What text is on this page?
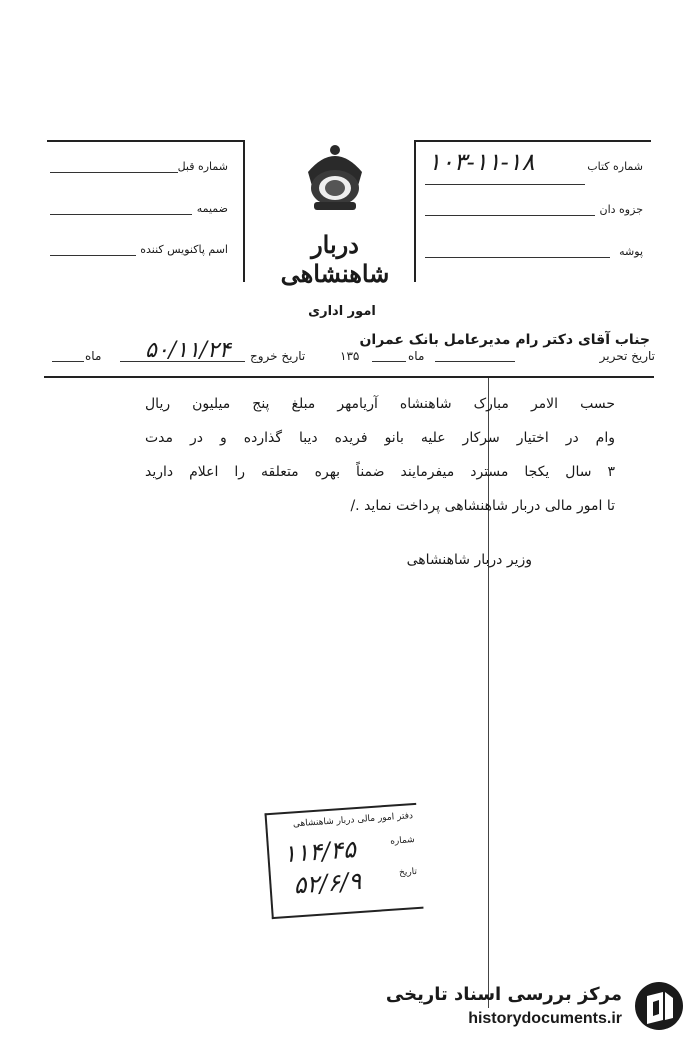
شماره قبل
ضمیمه
اسم پاکنویس کننده
شماره کتاب
۱۰۳-۱۱-۱۸
جزوه دان
پوشه
دربار شاهنشاهی
امور اداری
جناب آقای دکتر رام مدیرعامل بانک عمران
تاریخ تحریر
ماه
۱۳۵
تاریخ خروج
۵۰/۱۱/۲۴
ماه
حسب الامر مبارک شاهنشاه آریامهر مبلغ پنج میلیون ریال
وام در اختیار سرکار علیه بانو فریده دیبا گذارده و در مدت
۳ سال یکجا مسترد میفرمایند ضمناً بهره متعلقه را اعلام دارید
تا امور مالی دربار شاهنشاهی پرداخت نماید ./
وزیر دربار شاهنشاهی
دفتر امور مالی دربار شاهنشاهی
شماره
۱۱۴/۴۵
تاریخ
۵۲/۶/۹
مرکز بررسی اسناد تاریخی
historydocuments.ir
